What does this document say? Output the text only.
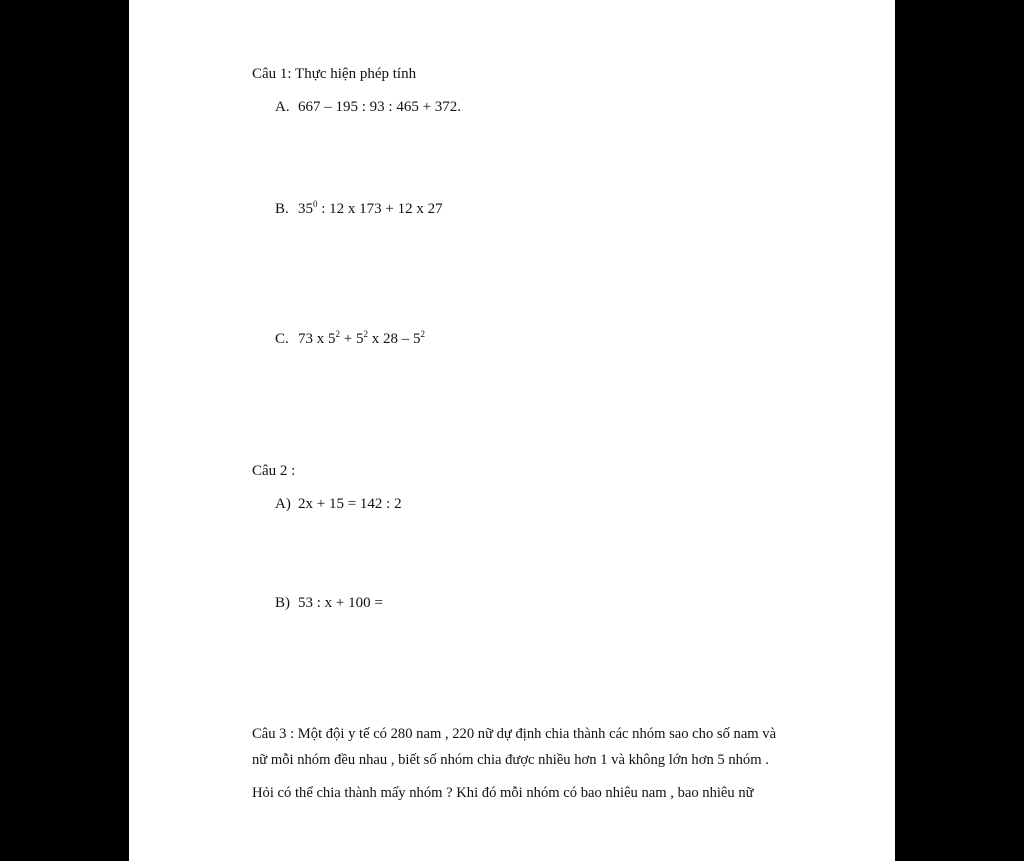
Câu 1: Thực hiện phép tính
A. 667 – 195 : 93 : 465 + 372.
B. $35^0$ : 12 x 173 + 12 x 27
C. 73 x $5^2 + 5^2$ x $28 - 5^2$
Câu 2 :
A) 2x + 15 = 142 : 2
B) 53 : x + 100 =
Câu 3 : Một đội y tế có 280 nam , 220 nữ dự định chia thành các nhóm sao cho số nam và
nữ mỗi nhóm đều nhau , biết số nhóm chia được nhiều hơn 1 và không lớn hơn 5 nhóm .
Hỏi có thể chia thành mấy nhóm ? Khi đó mỗi nhóm có bao nhiêu nam , bao nhiêu nữ
